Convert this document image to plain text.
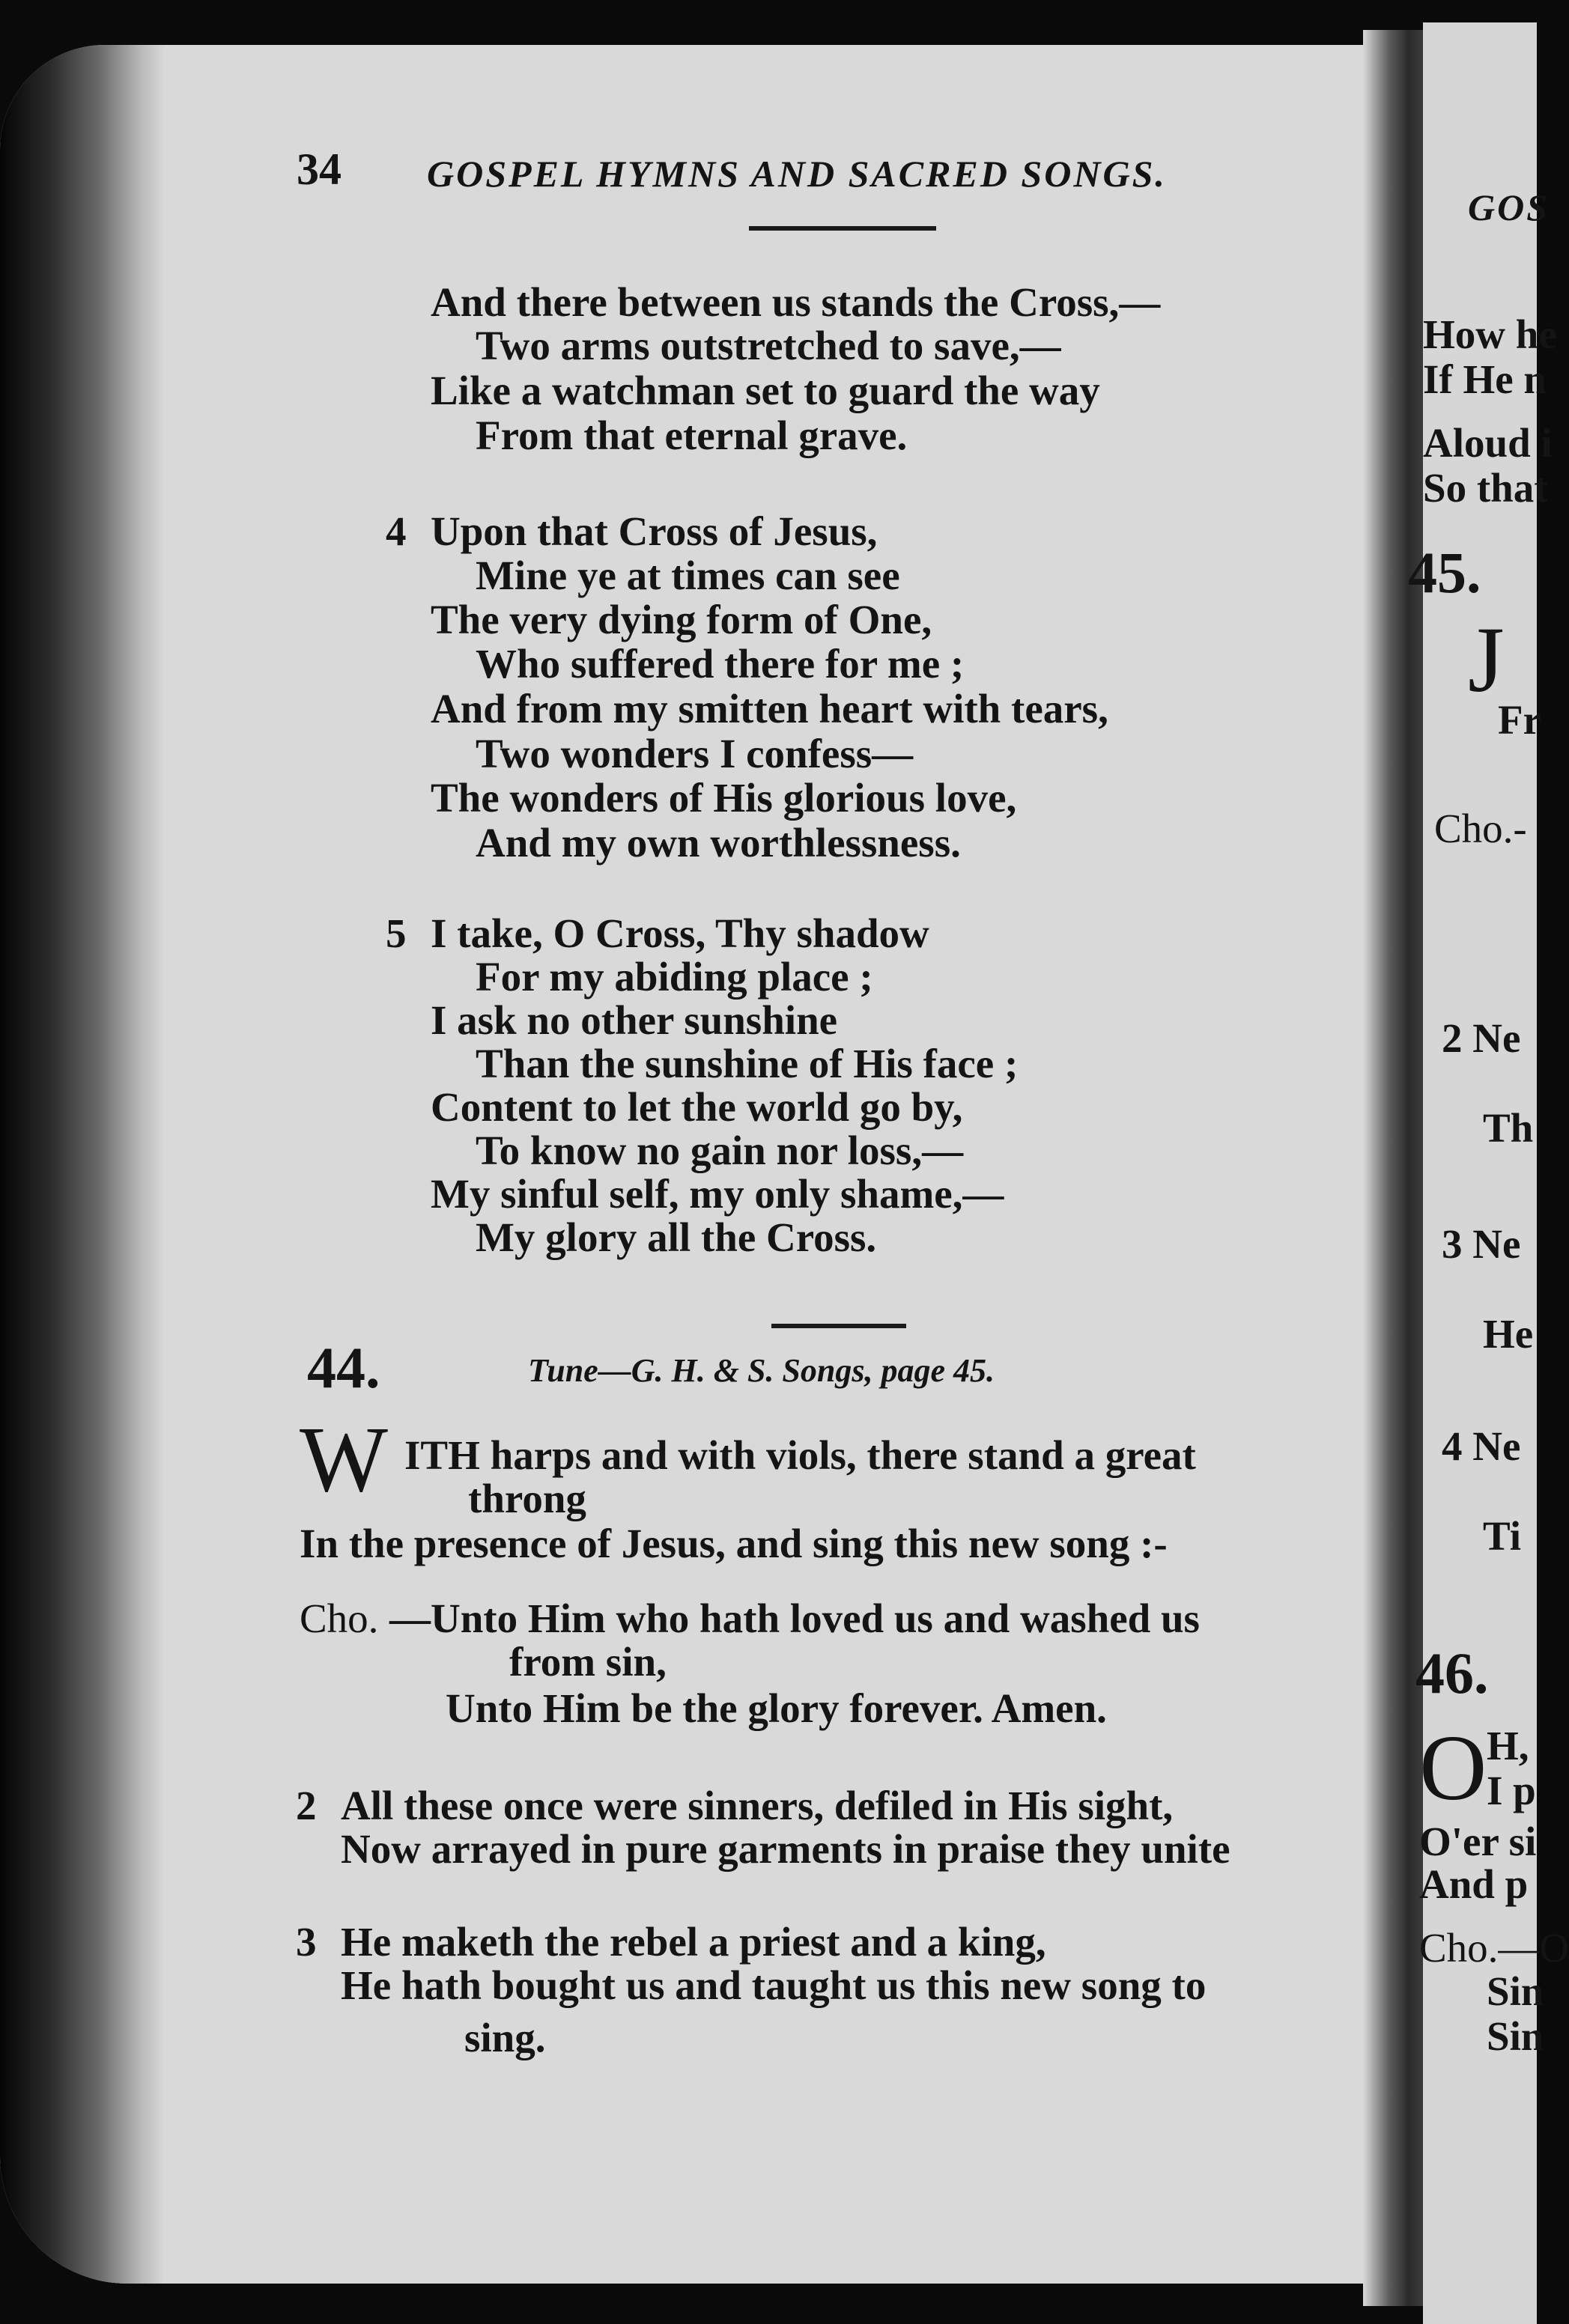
34 GOSPEL HYMNS AND SACRED SONGS.
And there between us stands the Cross,—
Two arms outstretched to save,—
Like a watchman set to guard the way
From that eternal grave.
4 Upon that Cross of Jesus,
Mine ye at times can see
The very dying form of One,
Who suffered there for me ;
And from my smitten heart with tears,
Two wonders I confess—
The wonders of His glorious love,
And my own worthlessness.
5 I take, O Cross, Thy shadow
For my abiding place ;
I ask no other sunshine
Than the sunshine of His face ;
Content to let the world go by,
To know no gain nor loss,—
My sinful self, my only shame,—
My glory all the Cross.
44.	Tune—G. H. & S. Songs, page 45.
W ITH harps and with viols, there stand a great
throng
In the presence of Jesus, and sing this new song :-
Cho. —Unto Him who hath loved us and washed us
from sin,
Unto Him be the glory forever. Amen.
2 All these once were sinners, defiled in His sight,
Now arrayed in pure garments in praise they unite
3 He maketh the rebel a priest and a king,
He hath bought us and taught us this new song to
sing.
GOS
How he
If He n
Aloud i
So that
45.
J
Fr
Cho.-
2 Ne
Th
3 Ne
He
4 Ne
Ti
46.
O H,
I p
O'er si
And p
Cho.—O
Sin
Sin
